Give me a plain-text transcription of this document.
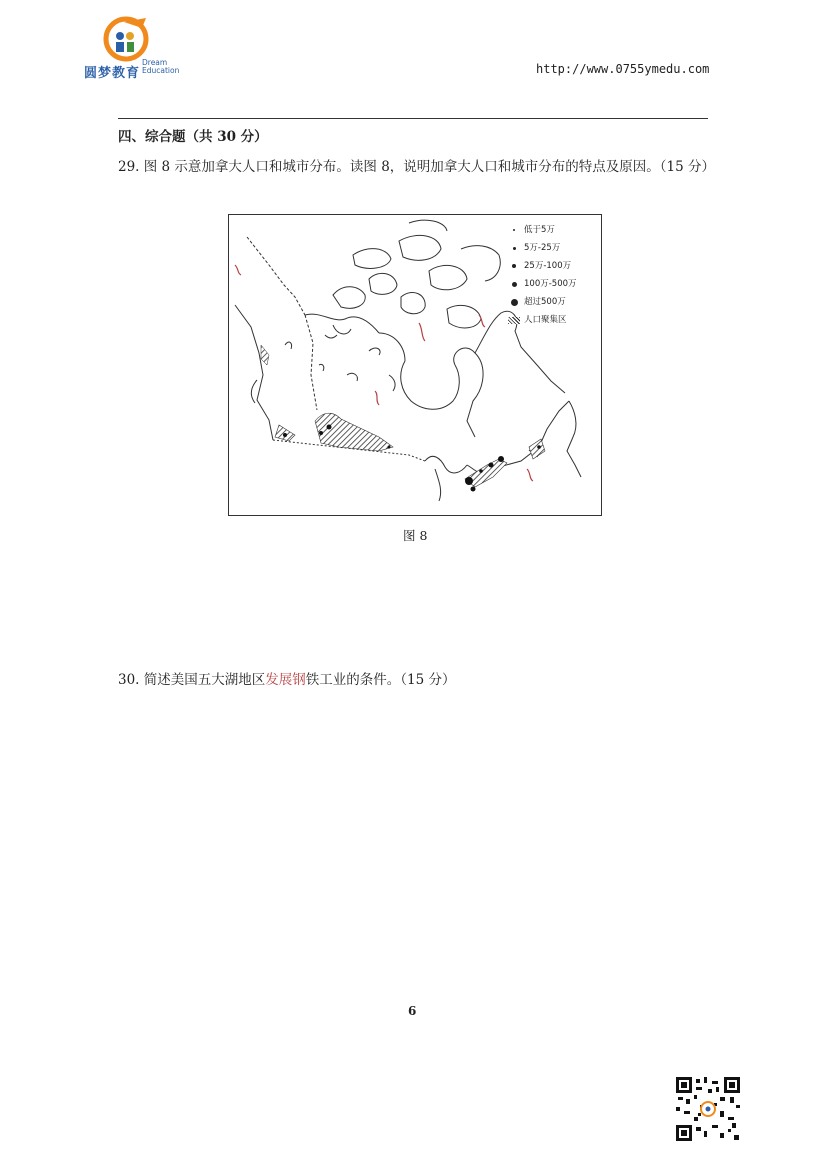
圆梦教育
Dream
Education	http://www.0755ymedu.com
四、综合题（共 30 分）
29. 图 8 示意加拿大人口和城市分布。读图 8，说明加拿大人口和城市分布的特点及原因。（15 分）
低于5万
5万-25万
25万-100万
100万-500万
超过500万
人口聚集区
图 8
30. 简述美国五大湖地区发展钢铁工业的条件。（15 分）
6
